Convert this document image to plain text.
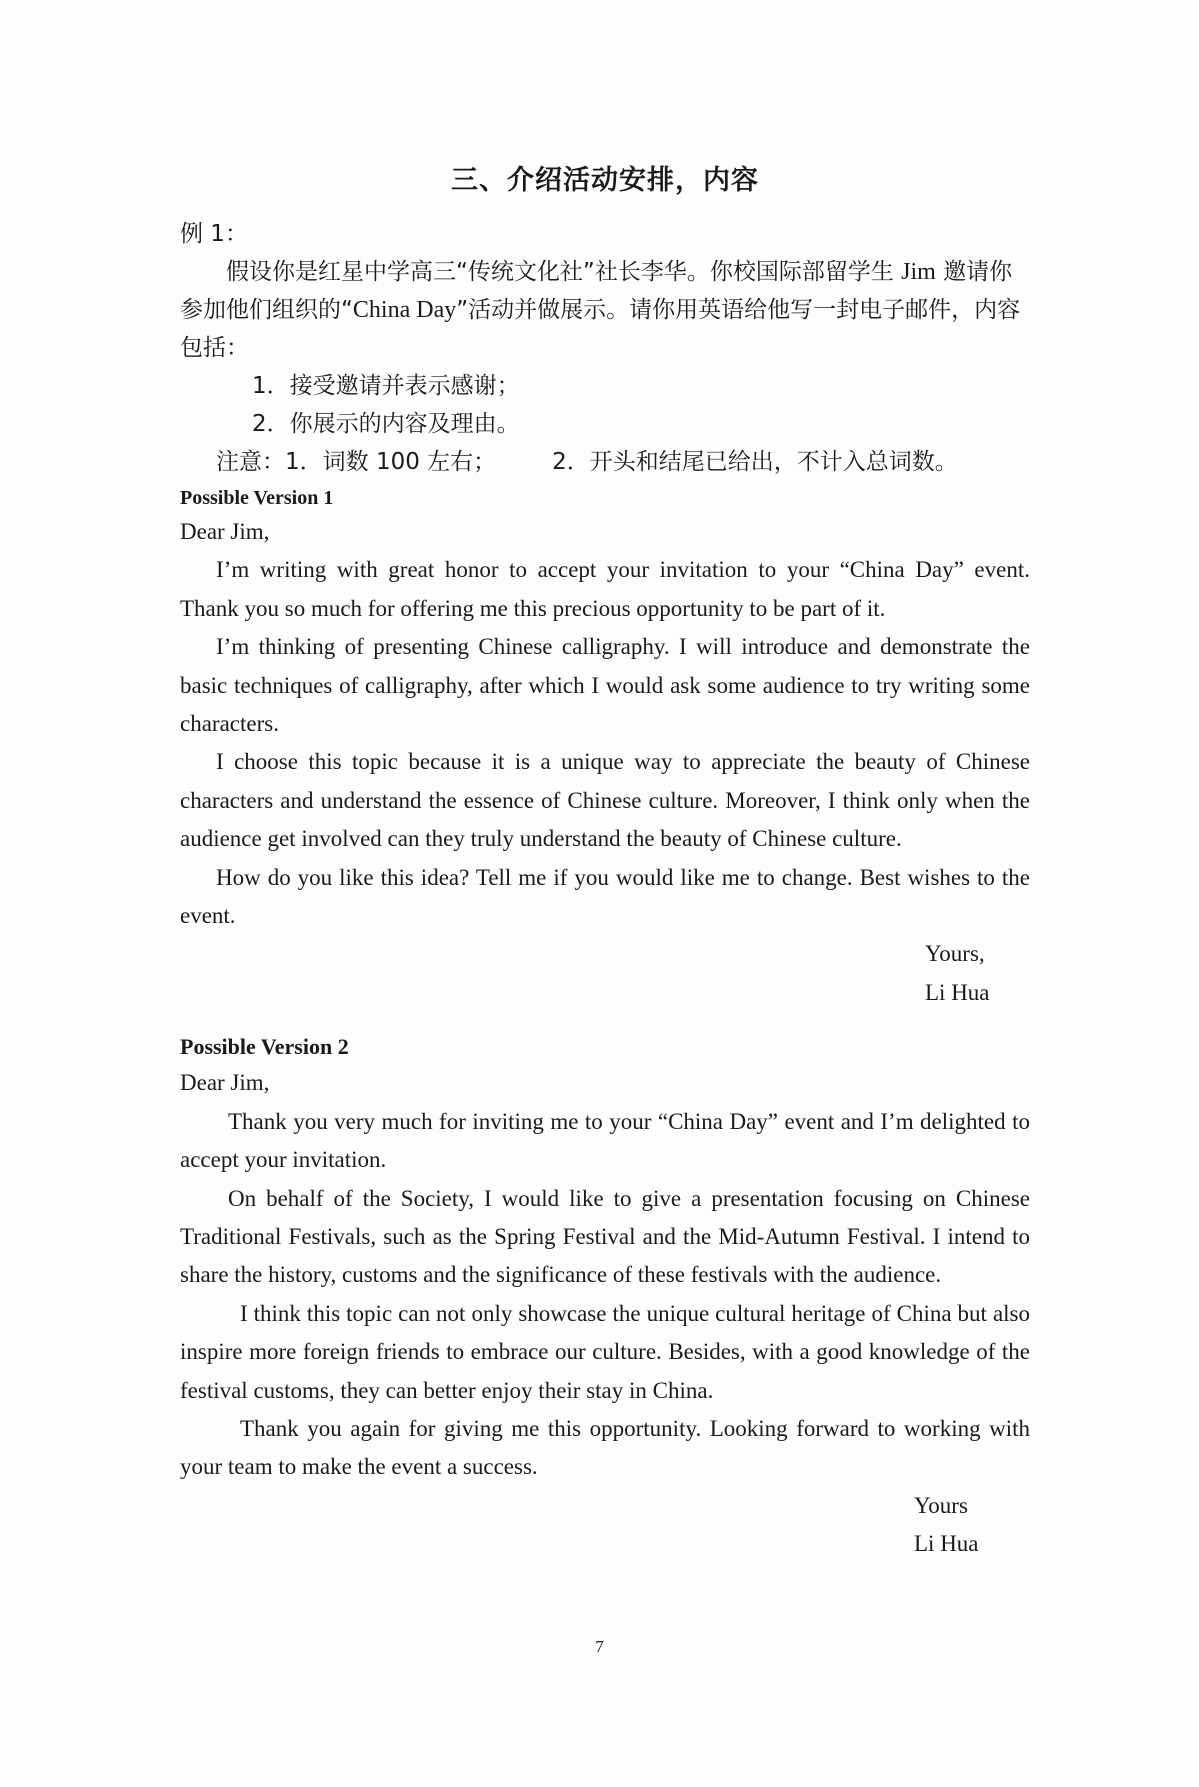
三、介绍活动安排，内容

例 1：

假设你是红星中学高三“传统文化社”社长李华。你校国际部留学生 Jim 邀请你参加他们组织的“China Day”活动并做展示。请你用英语给他写一封电子邮件，内容包括：

1．接受邀请并表示感谢；

2．你展示的内容及理由。

注意：1．词数 100 左右； 2．开头和结尾已给出，不计入总词数。

Possible Version 1

Dear Jim,

I’m writing with great honor to accept your invitation to your “China Day” event. Thank you so much for offering me this precious opportunity to be part of it.

I’m thinking of presenting Chinese calligraphy. I will introduce and demonstrate the basic techniques of calligraphy, after which I would ask some audience to try writing some characters.

I choose this topic because it is a unique way to appreciate the beauty of Chinese characters and understand the essence of Chinese culture. Moreover, I think only when the audience get involved can they truly understand the beauty of Chinese culture.

How do you like this idea? Tell me if you would like me to change. Best wishes to the event.

Yours,

Li Hua

Possible Version 2

Dear Jim,

Thank you very much for inviting me to your “China Day” event and I’m delighted to accept your invitation.

On behalf of the Society, I would like to give a presentation focusing on Chinese Traditional Festivals, such as the Spring Festival and the Mid-Autumn Festival. I intend to share the history, customs and the significance of these festivals with the audience.

I think this topic can not only showcase the unique cultural heritage of China but also inspire more foreign friends to embrace our culture. Besides, with a good knowledge of the festival customs, they can better enjoy their stay in China.

Thank you again for giving me this opportunity. Looking forward to working with your team to make the event a success.

Yours

Li Hua

7
